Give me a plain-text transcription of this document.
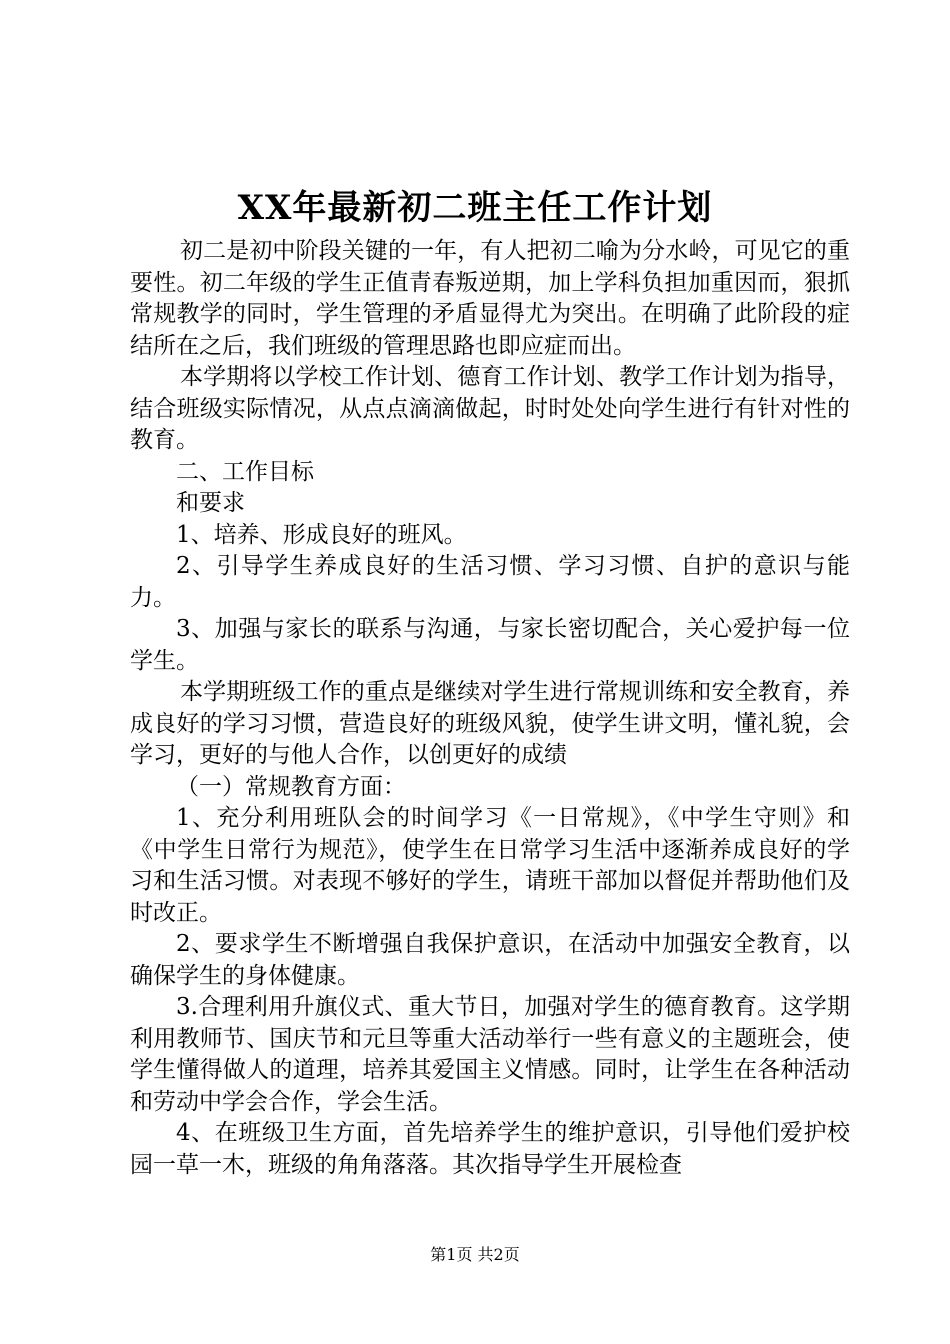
XX年最新初二班主任工作计划

初二是初中阶段关键的一年，有人把初二喻为分水岭，可见它的重要性。初二年级的学生正值青春叛逆期，加上学科负担加重因而，狠抓常规教学的同时，学生管理的矛盾显得尤为突出。在明确了此阶段的症结所在之后，我们班级的管理思路也即应症而出。

本学期将以学校工作计划、德育工作计划、教学工作计划为指导，结合班级实际情况，从点点滴滴做起，时时处处向学生进行有针对性的教育。

二、工作目标

和要求

1、培养、形成良好的班风。

2、引导学生养成良好的生活习惯、学习习惯、自护的意识与能力。

3、加强与家长的联系与沟通，与家长密切配合，关心爱护每一位学生。

本学期班级工作的重点是继续对学生进行常规训练和安全教育，养成良好的学习习惯，营造良好的班级风貌，使学生讲文明，懂礼貌，会学习，更好的与他人合作，以创更好的成绩

（一）常规教育方面：

1、充分利用班队会的时间学习《一日常规》，《中学生守则》和《中学生日常行为规范》，使学生在日常学习生活中逐渐养成良好的学习和生活习惯。对表现不够好的学生，请班干部加以督促并帮助他们及时改正。

2、要求学生不断增强自我保护意识，在活动中加强安全教育，以确保学生的身体健康。

3.合理利用升旗仪式、重大节日，加强对学生的德育教育。这学期利用教师节、国庆节和元旦等重大活动举行一些有意义的主题班会，使学生懂得做人的道理，培养其爱国主义情感。同时，让学生在各种活动和劳动中学会合作，学会生活。

4、在班级卫生方面，首先培养学生的维护意识，引导他们爱护校园一草一木，班级的角角落落。其次指导学生开展检查

第1页 共2页
